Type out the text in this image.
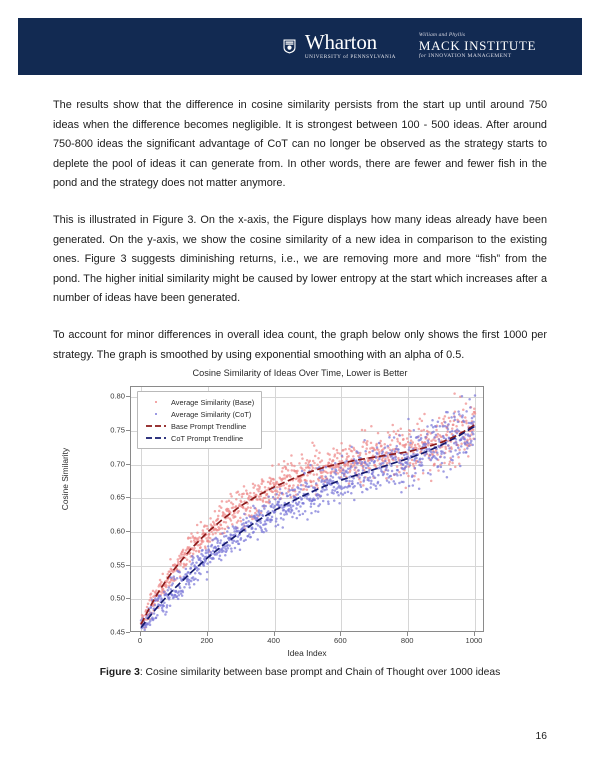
Wharton
UNIVERSITY of PENNSYLVANIA
William and Phyllis
MACK INSTITUTE
for INNOVATION MANAGEMENT

The results show that the difference in cosine similarity persists from the start up until around 750 ideas when the difference becomes negligible. It is strongest between 100 - 500 ideas. After around 750-800 ideas the significant advantage of CoT can no longer be observed as the strategy starts to deplete the pool of ideas it can generate from. In other words, there are fewer and fewer fish in the pond and the strategy does not matter anymore.

This is illustrated in Figure 3. On the x-axis, the Figure displays how many ideas already have been generated. On the y-axis, we show the cosine similarity of a new idea in comparison to the existing ones. Figure 3 suggests diminishing returns, i.e., we are removing more and more “fish” from the pond. The higher initial similarity might be caused by lower entropy at the start which increases after a number of ideas have been generated.

To account for minor differences in overall idea count, the graph below only shows the first 1000 per strategy. The graph is smoothed by using exponential smoothing with an alpha of 0.5.

Cosine Similarity of Ideas Over Time, Lower is Better
Cosine Similarity
Idea Index
0.45
0.50
0.55
0.60
0.65
0.70
0.75
0.80
0	200	400	600	800	1000
Average Similarity (Base)
Average Similarity (CoT)
Base Prompt Trendline
CoT Prompt Trendline
Figure 3: Cosine similarity between base prompt and Chain of Thought over 1000 ideas
16
